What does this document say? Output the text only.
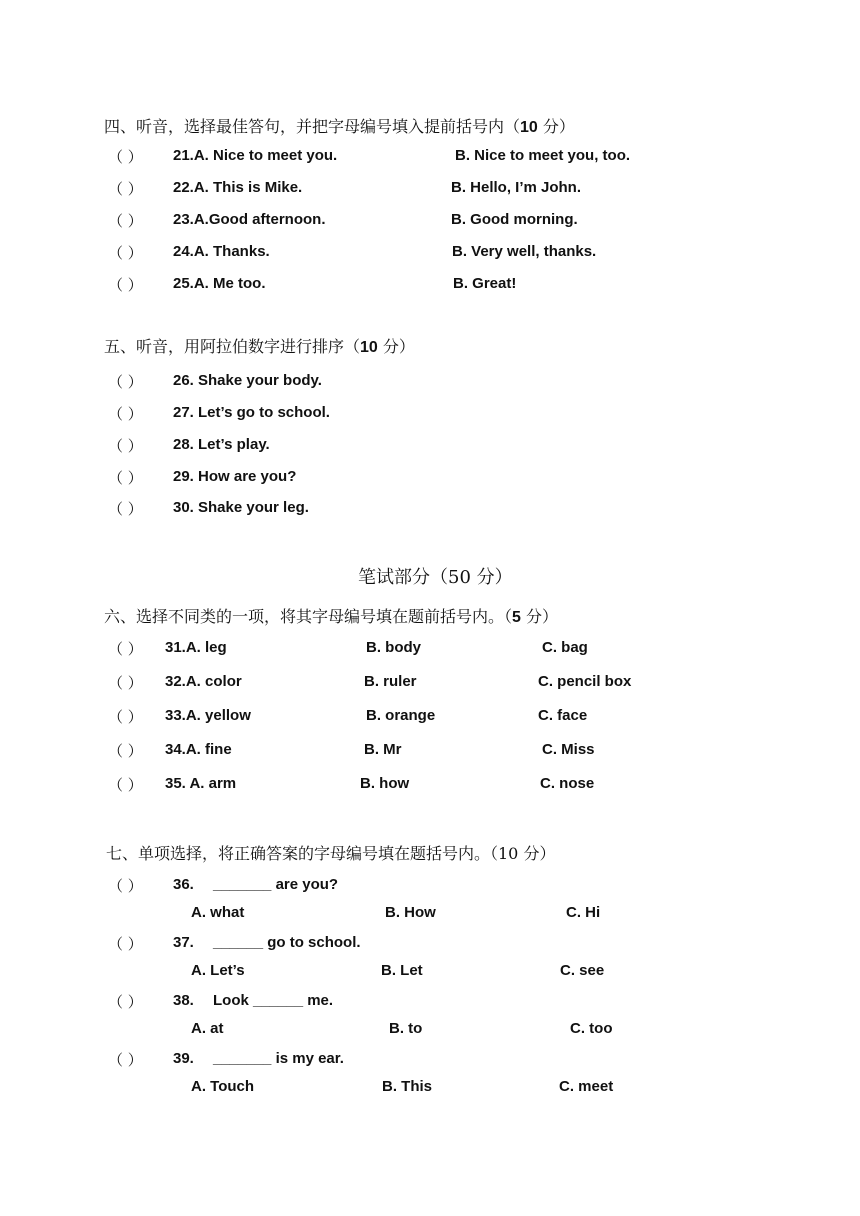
四、听音，选择最佳答句，并把字母编号填入提前括号内（10 分）
（ ） 21.A. Nice to meet you.	B. Nice to meet you, too.
（ ） 22.A. This is Mike.	B. Hello, I’m John.
（ ） 23.A.Good afternoon.	B. Good morning.
（ ） 24.A. Thanks.	B. Very well, thanks.
（ ） 25.A. Me too.	B. Great!
五、听音，用阿拉伯数字进行排序（10 分）
（ ） 26. Shake your body.
（ ） 27. Let’s go to school.
（ ） 28. Let’s play.
（ ） 29. How are you?
（ ） 30. Shake your leg.
笔试部分（50 分）
六、选择不同类的一项，将其字母编号填在题前括号内。（5 分）
（ ） 31.A. leg	B. body	C. bag
（ ） 32.A. color	B. ruler	C. pencil box
（ ） 33.A. yellow	B. orange	C. face
（ ） 34.A. fine	B. Mr	C. Miss
（ ） 35. A. arm	B. how	C. nose
七、单项选择，将正确答案的字母编号填在题括号内。（10 分）
（ ） 36. _______ are you?
A. what	B. How	C. Hi
（ ） 37. ______ go to school.
A. Let’s	B. Let	C. see
（ ） 38. Look ______ me.
A. at	B. to	C. too
（ ） 39. _______ is my ear.
A. Touch	B. This	C. meet
